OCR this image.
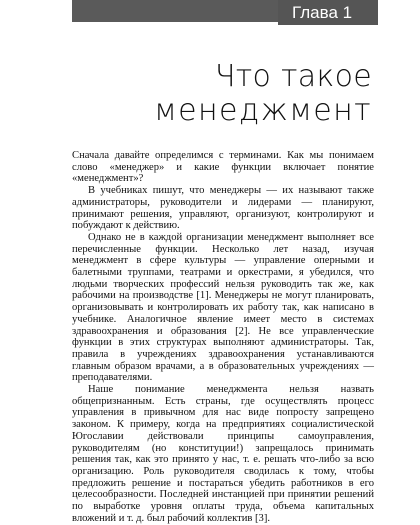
Глава 1
Что такое
менеджмент

Сначала давайте определимся с терминами. Как мы понимаем слово «менеджер» и какие функции включает понятие «менеджмент»?

В учебниках пишут, что менеджеры — их называют также администраторы, руководители и лидерами — планируют, принимают решения, управляют, организуют, контролируют и побуждают к действию.

Однако не в каждой организации менеджмент выполняет все перечисленные функции. Несколько лет назад, изучая менеджмент в сфере культуры — управление оперными и балетными труппами, театрами и оркестрами, я убедился, что людьми творческих профессий нельзя руководить так же, как рабочими на производстве [1]. Менеджеры не могут планировать, организовывать и контролировать их работу так, как написано в учебнике. Аналогичное явление имеет место в системах здравоохранения и образования [2]. Не все управленческие функции в этих структурах выполняют администраторы. Так, правила в учреждениях здравоохранения устанавливаются главным образом врачами, а в образовательных учреждениях — преподавателями.

Наше понимание менеджмента нельзя назвать общепризнанным. Есть страны, где осуществлять процесс управления в привычном для нас виде попросту запрещено законом. К примеру, когда на предприятиях социалистической Югославии действовали принципы самоуправления, руководителям (но конституции!) запрещалось принимать решения так, как это принято у нас, т. е. решать что-либо за всю организацию. Роль руководителя сводилась к тому, чтобы предложить решение и постараться убедить работников в его целесообразности. Последней инстанцией при принятии решений по выработке уровня оплаты труда, объема капитальных вложений и т. д. был рабочий коллектив [3].
